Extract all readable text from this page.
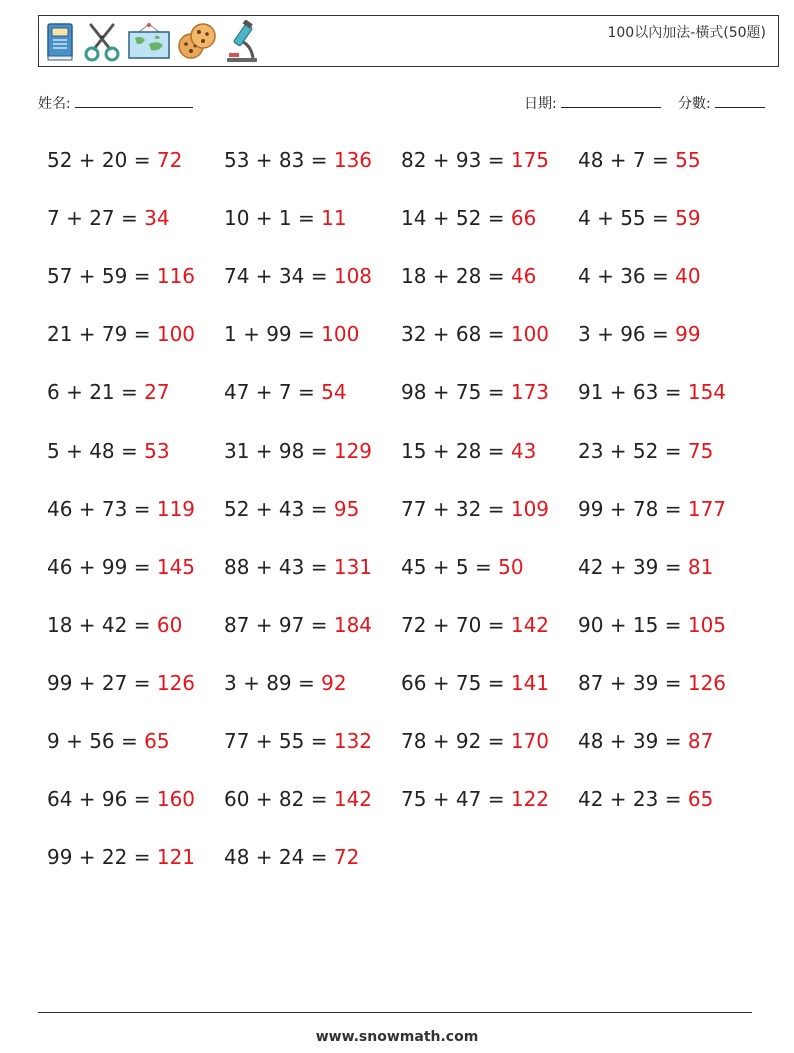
100以內加法-橫式(50題)
姓名:	日期:	分數:
52 + 20 = 72 53 + 83 = 136 82 + 93 = 175 48 + 7 = 55
7 + 27 = 34	10 + 1 = 11	14 + 52 = 66 4 + 55 = 59
57 + 59 = 116 74 + 34 = 108 18 + 28 = 46 4 + 36 = 40
21 + 79 = 100 1 + 99 = 100 32 + 68 = 100 3 + 96 = 99
6 + 21 = 27	47 + 7 = 54	98 + 75 = 173 91 + 63 = 154
5 + 48 = 53	31 + 98 = 129 15 + 28 = 43 23 + 52 = 75
46 + 73 = 119 52 + 43 = 95 77 + 32 = 109 99 + 78 = 177
46 + 99 = 145 88 + 43 = 131 45 + 5 = 50	42 + 39 = 81
18 + 42 = 60 87 + 97 = 184 72 + 70 = 142 90 + 15 = 105
99 + 27 = 126 3 + 89 = 92	66 + 75 = 141 87 + 39 = 126
9 + 56 = 65	77 + 55 = 132 78 + 92 = 170 48 + 39 = 87
64 + 96 = 160 60 + 82 = 142 75 + 47 = 122 42 + 23 = 65
99 + 22 = 121 48 + 24 = 72
www.snowmath.com
